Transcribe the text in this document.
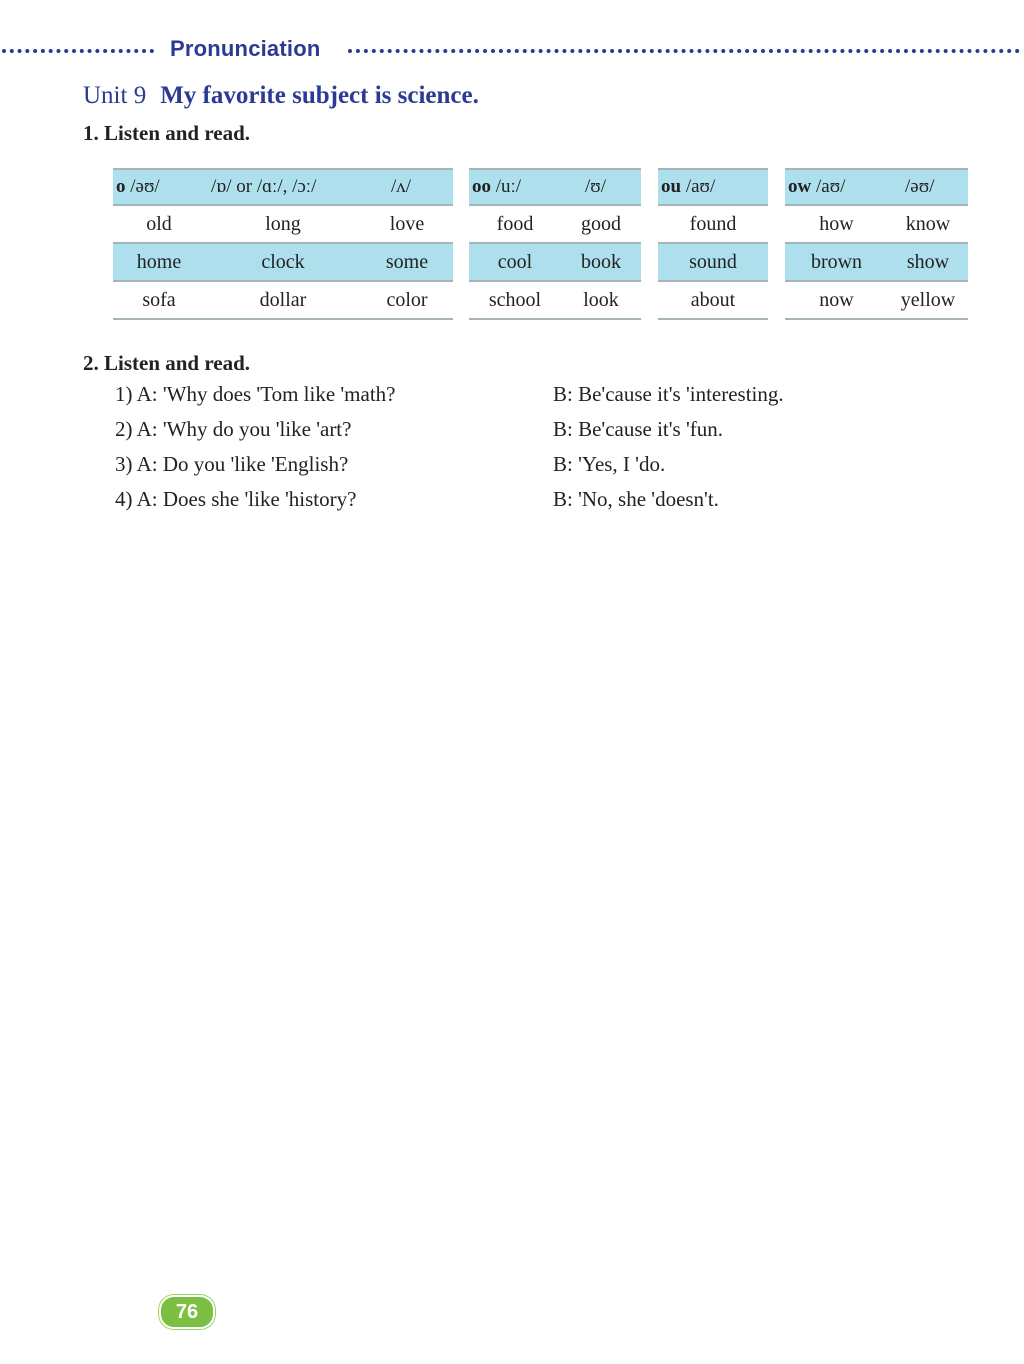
Pronunciation
Unit 9 My favorite subject is science.
1. Listen and read.
o /əʊ/	/ɒ/ or /ɑː/, /ɔː/	/ʌ/
old	long	love
home	clock	some
sofa	dollar	color
oo /uː/	/ʊ/
food	good
cool	book
school	look
ou /aʊ/
found
sound
about
ow /aʊ/	/əʊ/
how	know
brown	show
now	yellow
2. Listen and read.
1) A: 'Why does 'Tom like 'math?	B: Be'cause it's 'interesting.
2) A: 'Why do you 'like 'art?	B: Be'cause it's 'fun.
3) A: Do you 'like 'English?	B: 'Yes, I 'do.
4) A: Does she 'like 'history?	B: 'No, she 'doesn't.
76
